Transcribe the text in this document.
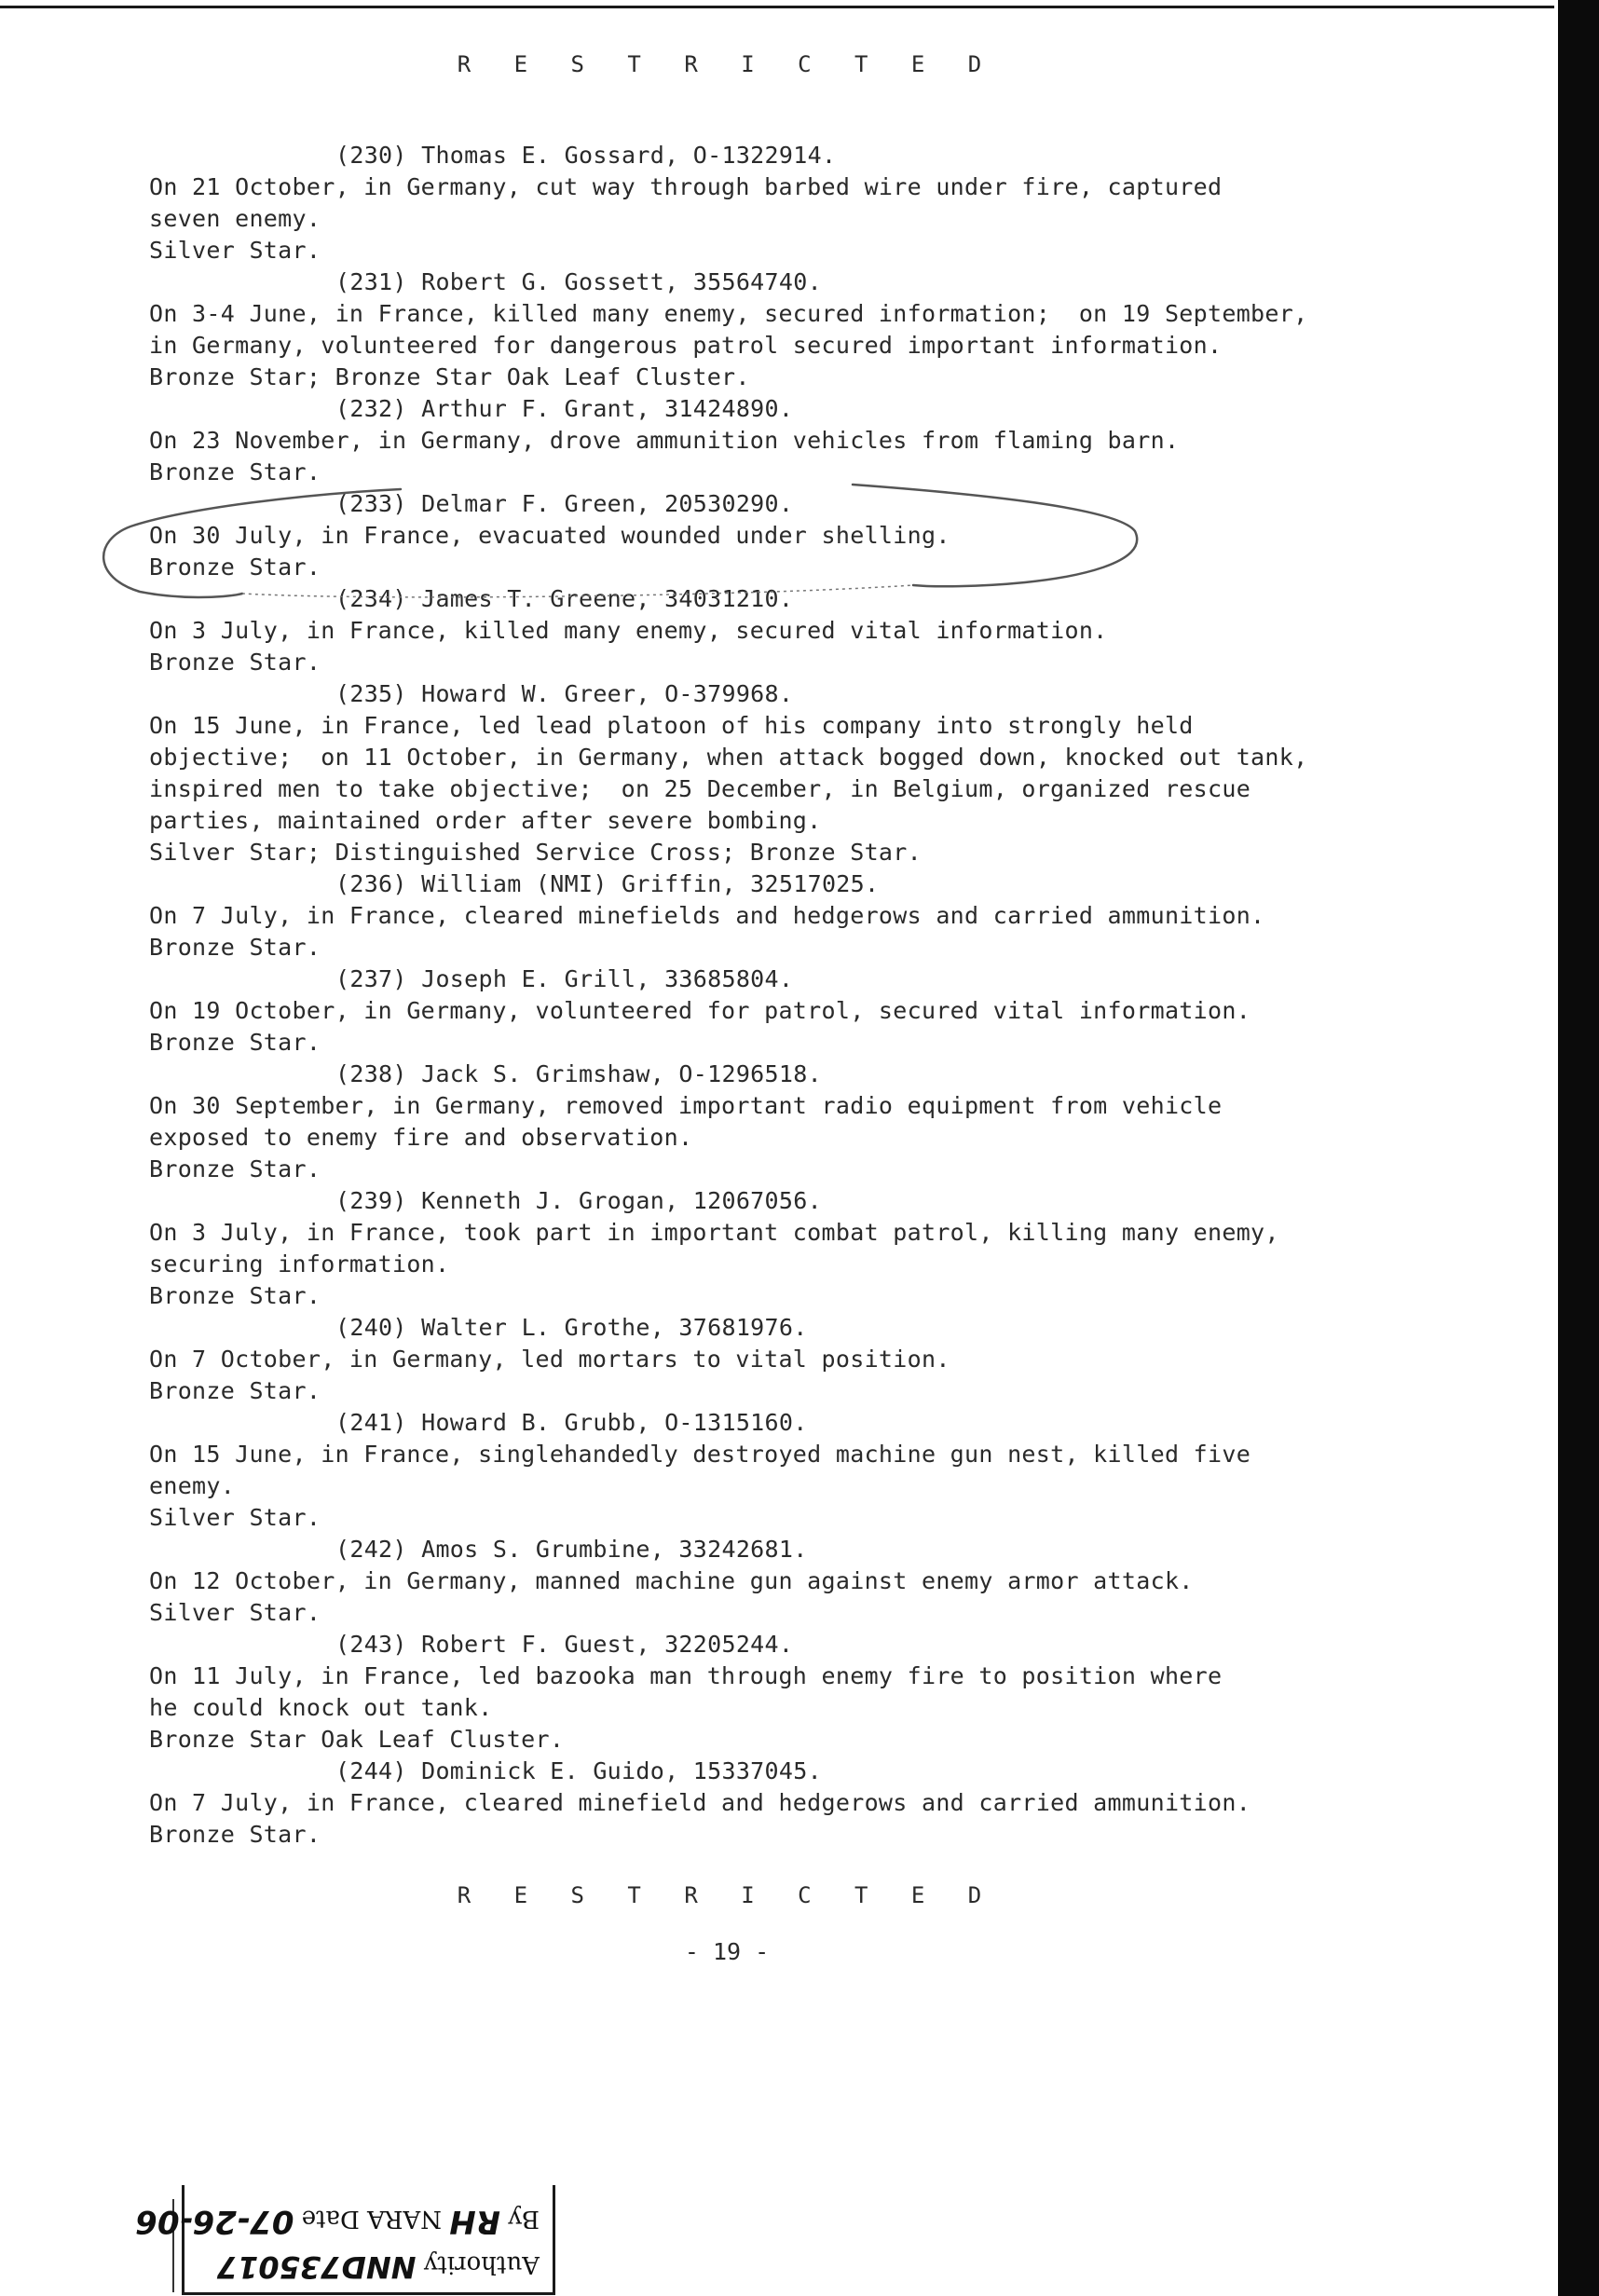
R E S T R I C T E D
(230) Thomas E. Gossard, O-1322914.
On 21 October, in Germany, cut way through barbed wire under fire, captured
seven enemy.
Silver Star.
(231) Robert G. Gossett, 35564740.
On 3-4 June, in France, killed many enemy, secured information;  on 19 September,
in Germany, volunteered for dangerous patrol secured important information.
Bronze Star; Bronze Star Oak Leaf Cluster.
(232) Arthur F. Grant, 31424890.
On 23 November, in Germany, drove ammunition vehicles from flaming barn.
Bronze Star.
(233) Delmar F. Green, 20530290.
On 30 July, in France, evacuated wounded under shelling.
Bronze Star.
(234) James T. Greene, 34031210.
On 3 July, in France, killed many enemy, secured vital information.
Bronze Star.
(235) Howard W. Greer, O-379968.
On 15 June, in France, led lead platoon of his company into strongly held
objective;  on 11 October, in Germany, when attack bogged down, knocked out tank,
inspired men to take objective;  on 25 December, in Belgium, organized rescue
parties, maintained order after severe bombing.
Silver Star; Distinguished Service Cross; Bronze Star.
(236) William (NMI) Griffin, 32517025.
On 7 July, in France, cleared minefields and hedgerows and carried ammunition.
Bronze Star.
(237) Joseph E. Grill, 33685804.
On 19 October, in Germany, volunteered for patrol, secured vital information.
Bronze Star.
(238) Jack S. Grimshaw, O-1296518.
On 30 September, in Germany, removed important radio equipment from vehicle
exposed to enemy fire and observation.
Bronze Star.
(239) Kenneth J. Grogan, 12067056.
On 3 July, in France, took part in important combat patrol, killing many enemy,
securing information.
Bronze Star.
(240) Walter L. Grothe, 37681976.
On 7 October, in Germany, led mortars to vital position.
Bronze Star.
(241) Howard B. Grubb, O-1315160.
On 15 June, in France, singlehandedly destroyed machine gun nest, killed five
enemy.
Silver Star.
(242) Amos S. Grumbine, 33242681.
On 12 October, in Germany, manned machine gun against enemy armor attack.
Silver Star.
(243) Robert F. Guest, 32205244.
On 11 July, in France, led bazooka man through enemy fire to position where
he could knock out tank.
Bronze Star Oak Leaf Cluster.
(244) Dominick E. Guido, 15337045.
On 7 July, in France, cleared minefield and hedgerows and carried ammunition.
Bronze Star.
R E S T R I C T E D
- 19 -
Authority NND735017
By RH NARA Date 07-26-06
